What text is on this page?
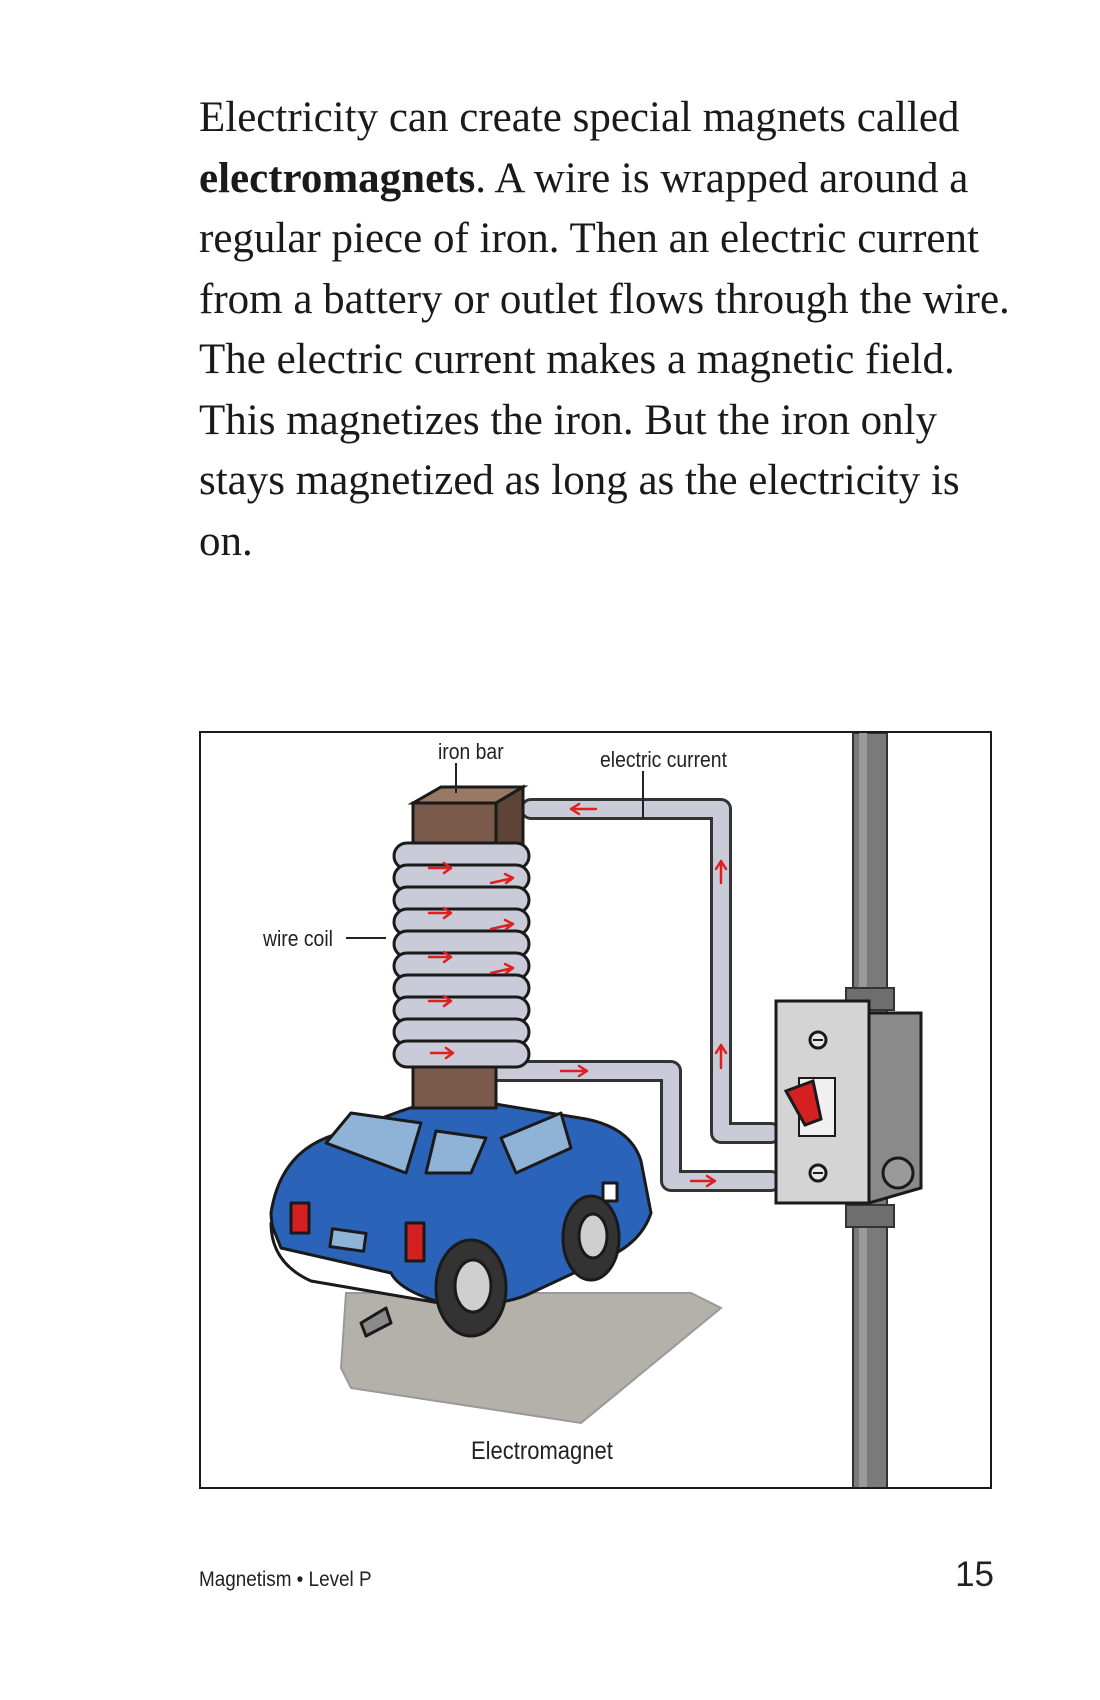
Electricity can create special magnets called electromagnets. A wire is wrapped around a regular piece of iron. Then an electric current from a battery or outlet flows through the wire. The electric current makes a magnetic field. This magnetizes the iron. But the iron only stays magnetized as long as the electricity is on.

iron bar	electric current
wire coil
Electromagnet
Magnetism • Level P	15
